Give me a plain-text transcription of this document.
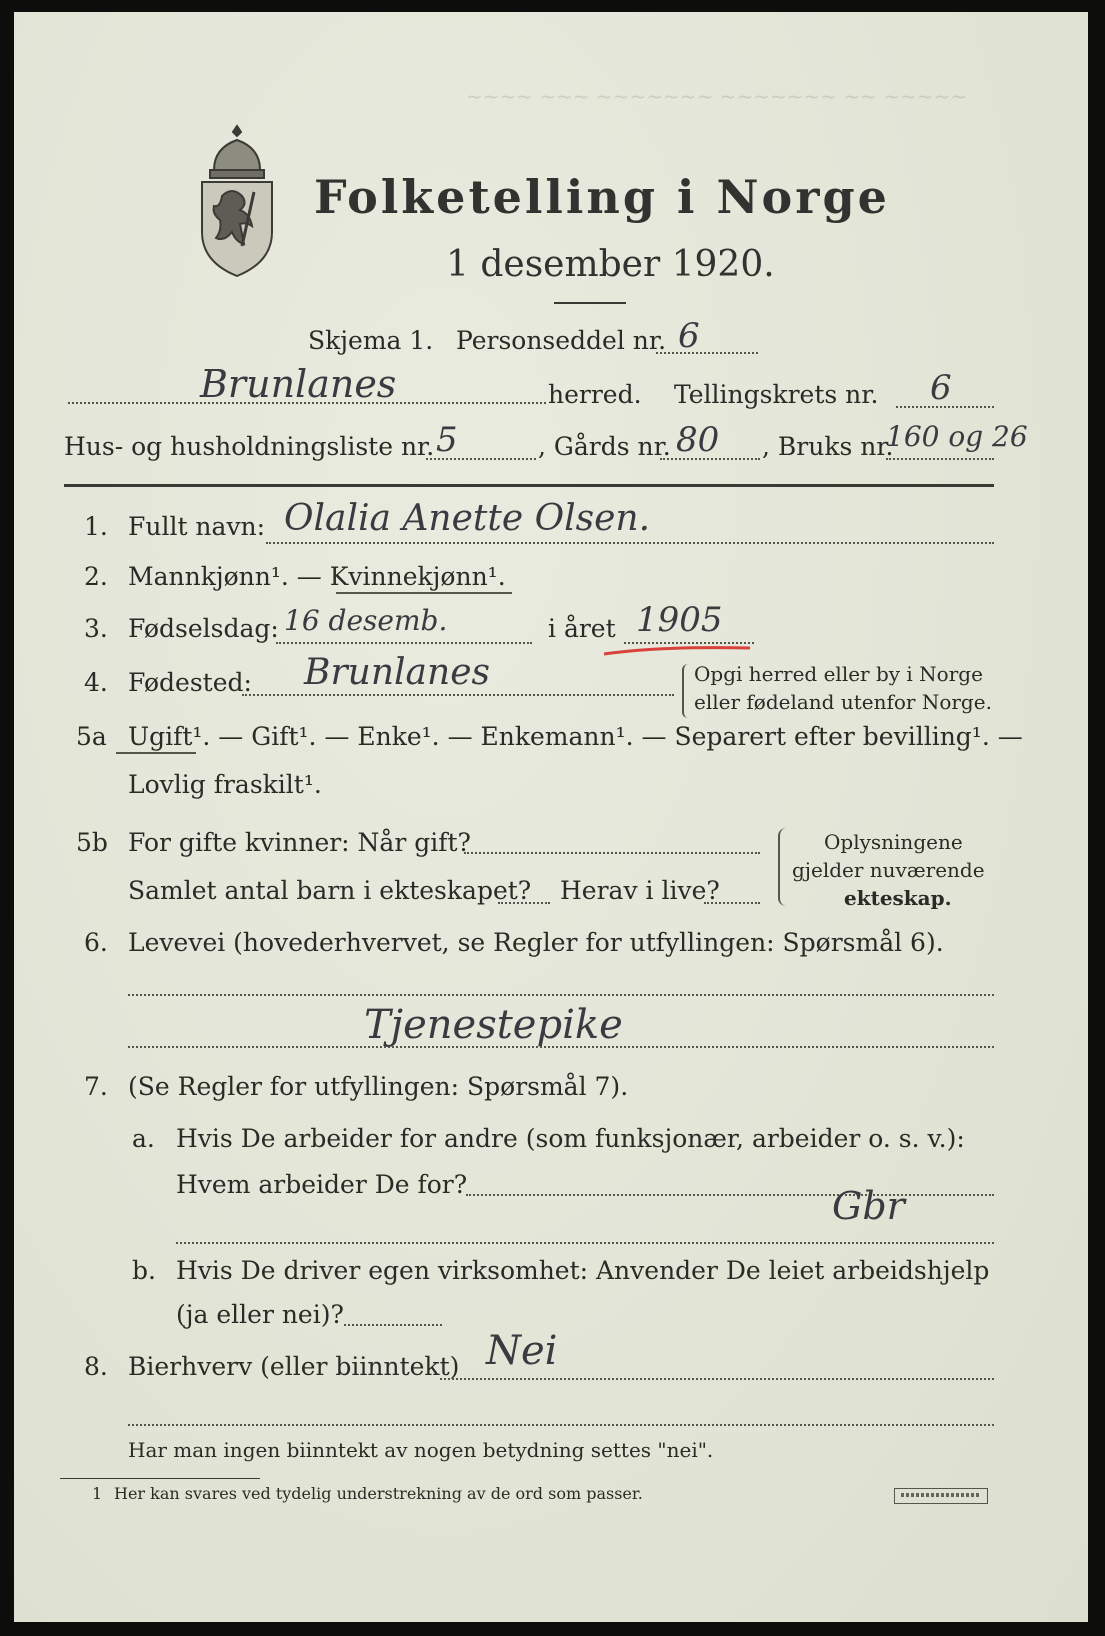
~~~~ ~~~ ~~~~~~~ ~~~~~~~ ~~ ~~~~~
Folketelling i Norge
1 desember 1920.
Skjema 1. Personseddel nr. 6
Brunlanes	herred. Tellingskrets nr. 6
Hus- og husholdningsliste nr. 5	, Gårds nr. 80 , Bruks nr.
160 og 26
1. Fullt navn: Olalia Anette Olsen.
2. Mannkjønn¹. — Kvinnekjønn¹.
3. Fødselsdag: 16 desemb.	i året 1905
4. Fødested: Brunlanes	Opgi herred eller by i Norge
eller fødeland utenfor Norge.
5a Ugift¹. — Gift¹. — Enke¹. — Enkemann¹. — Separert efter bevilling¹. —
Lovlig fraskilt¹.
5b For gifte kvinner: Når gift?
Samlet antal barn i ekteskapet? Herav i live?
Oplysningene
gjelder nuværende
ekteskap.
6. Levevei (hovederhvervet, se Regler for utfyllingen: Spørsmål 6).
Tjenestepike
7. (Se Regler for utfyllingen: Spørsmål 7).
a. Hvis De arbeider for andre (som funksjonær, arbeider o. s. v.):
Hvem arbeider De for?	Gbr
b. Hvis De driver egen virksomhet: Anvender De leiet arbeidshjelp
(ja eller nei)?
8. Bierhverv (eller biinntekt) Nei
Har man ingen biinntekt av nogen betydning settes "nei".
1 Her kan svares ved tydelig understrekning av de ord som passer.
